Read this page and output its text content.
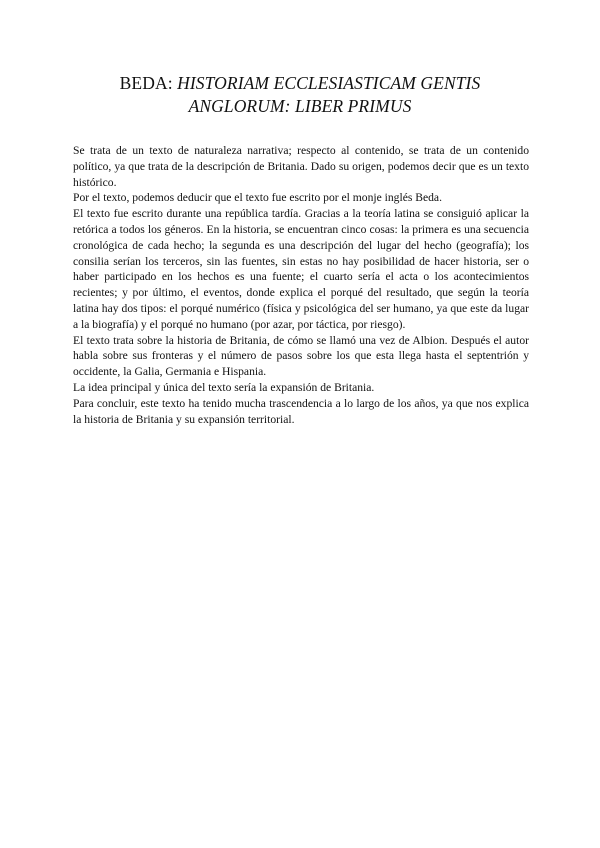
BEDA: HISTORIAM ECCLESIASTICAM GENTIS
ANGLORUM: LIBER PRIMUS

Se trata de un texto de naturaleza narrativa; respecto al contenido, se trata de un contenido político, ya que trata de la descripción de Britania. Dado su origen, podemos decir que es un texto histórico.

Por el texto, podemos deducir que el texto fue escrito por el monje inglés Beda.

El texto fue escrito durante una república tardía. Gracias a la teoría latina se consiguió aplicar la retórica a todos los géneros. En la historia, se encuentran cinco cosas: la primera es una secuencia cronológica de cada hecho; la segunda es una descripción del lugar del hecho (geografía); los consilia serían los terceros, sin las fuentes, sin estas no hay posibilidad de hacer historia, ser o haber participado en los hechos es una fuente; el cuarto sería el acta o los acontecimientos recientes; y por último, el eventos, donde explica el porqué del resultado, que según la teoría latina hay dos tipos: el porqué numérico (física y psicológica del ser humano, ya que este da lugar a la biografía) y el porqué no humano (por azar, por táctica, por riesgo).

El texto trata sobre la historia de Britania, de cómo se llamó una vez de Albion. Después el autor habla sobre sus fronteras y el número de pasos sobre los que esta llega hasta el septentrión y occidente, la Galia, Germania e Hispania.

La idea principal y única del texto sería la expansión de Britania.

Para concluir, este texto ha tenido mucha trascendencia a lo largo de los años, ya que nos explica la historia de Britania y su expansión territorial.
